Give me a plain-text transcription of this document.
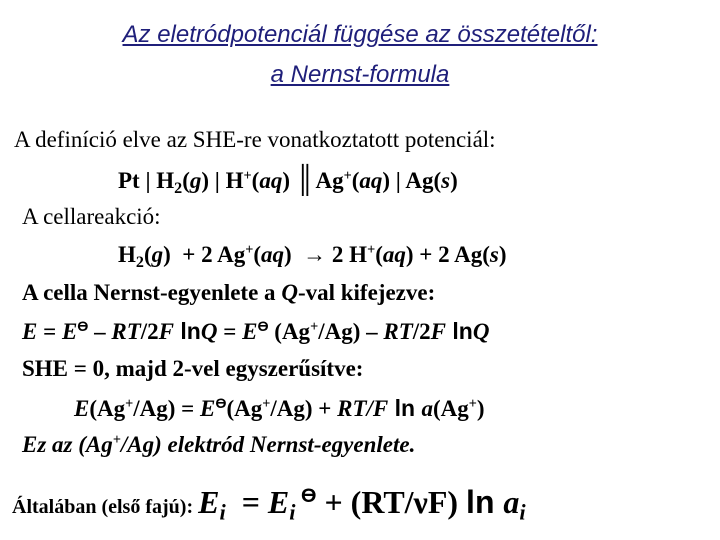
Az eletródpotenciál függése az összetételtől:
a Nernst-formula
A definíció elve az SHE-re vonatkoztatott potenciál:
Pt | $H_2(g)$ | H+(aq) ║ Ag+(aq) | Ag(s)
A cellareakció:
$H_2(g) + 2$ Ag+(aq)  → 2 H+(aq) + 2 Ag(s)
A cella Nernst-egyenlete a Q-val kifejezve:
$E = E^ϴ - RT/2F$ $\ln Q = E^ϴ$ (Ag+/Ag) – RT/2F lnQ
SHE = 0, majd 2-vel egyszerűsítve:
$E(Ag^+/Ag) = E^ϴ(Ag^+/Ag) + RT/F$ ln a(Ag+)
Ez az (Ag+/Ag) elektród Nernst-egyenlete.
Általában (első fajú): $E_i = E_i$ $^ϴ$ + (RT/νF) $\ln a_i$
